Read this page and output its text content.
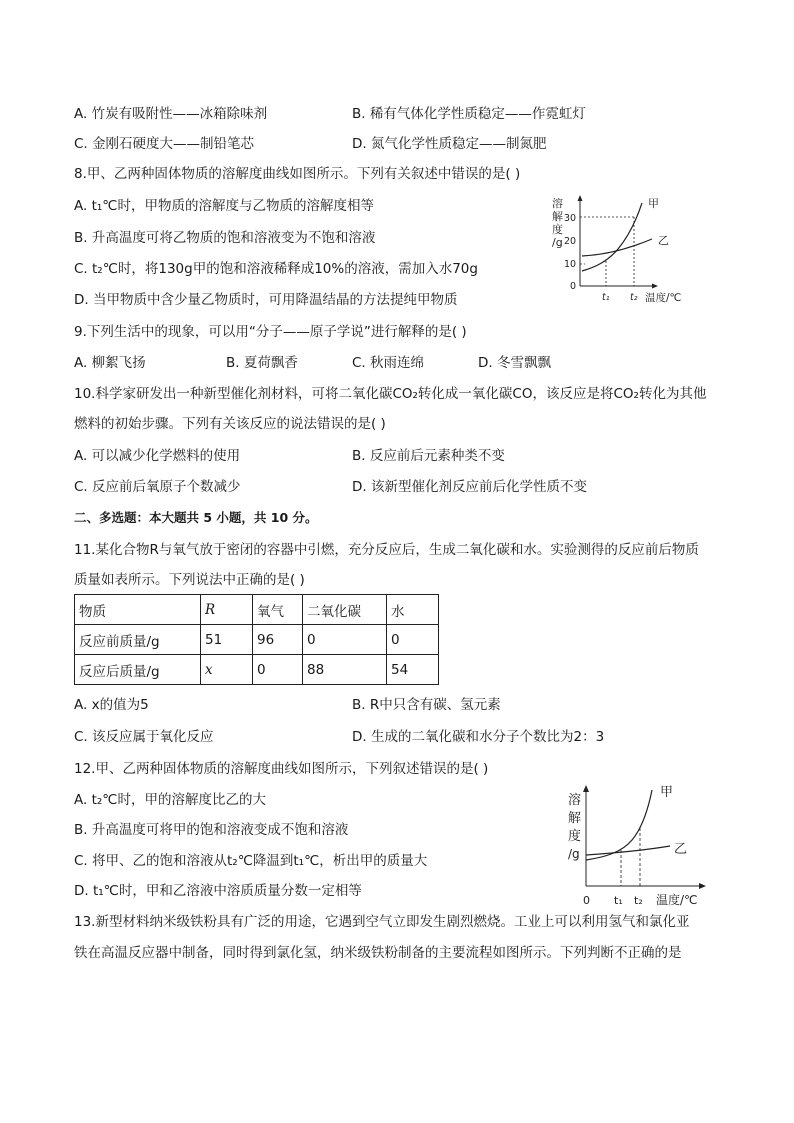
A. 竹炭有吸附性——冰箱除味剂	B. 稀有气体化学性质稳定——作霓虹灯
C. 金刚石硬度大——制铅笔芯	D. 氮气化学性质稳定——制氮肥
8.甲、乙两种固体物质的溶解度曲线如图所示。下列有关叙述中错误的是( )
A. t₁℃时，甲物质的溶解度与乙物质的溶解度相等
B. 升高温度可将乙物质的饱和溶液变为不饱和溶液
C. t₂℃时，将130g甲的饱和溶液稀释成10%的溶液，需加入水70g
D. 当甲物质中含少量乙物质时，可用降温结晶的方法提纯甲物质
溶
解
度
/g
30
20
10
0
甲
乙
t₁ t₂ 温度/℃
9.下列生活中的现象，可以用“分子——原子学说”进行解释的是( )
A. 柳絮飞扬	B. 夏荷飘香	C. 秋雨连绵	D. 冬雪飘飘
10.科学家研发出一种新型催化剂材料，可将二氧化碳CO₂转化成一氧化碳CO，该反应是将CO₂转化为其他
燃料的初始步骤。下列有关该反应的说法错误的是( )
A. 可以减少化学燃料的使用	B. 反应前后元素种类不变
C. 反应前后氧原子个数减少	D. 该新型催化剂反应前后化学性质不变
二、多选题：本大题共 5 小题，共 10 分。
11.某化合物R与氧气放于密闭的容器中引燃，充分反应后，生成二氧化碳和水。实验测得的反应前后物质
质量如表所示。下列说法中正确的是( )
物质	R	氧气	二氧化碳	水
反应前质量/g	51	96	0	0
反应后质量/g	x	0	88	54
A. x的值为5	B. R中只含有碳、氢元素
C. 该反应属于氧化反应	D. 生成的二氧化碳和水分子个数比为2：3
12.甲、乙两种固体物质的溶解度曲线如图所示，下列叙述错误的是( )
A. t₂℃时，甲的溶解度比乙的大
B. 升高温度可将甲的饱和溶液变成不饱和溶液
C. 将甲、乙的饱和溶液从t₂℃降温到t₁℃，析出甲的质量大
D. t₁℃时，甲和乙溶液中溶质质量分数一定相等
溶
解
度
/g
甲
乙
0 t₁ t₂ 温度/℃
13.新型材料纳米级铁粉具有广泛的用途，它遇到空气立即发生剧烈燃烧。工业上可以利用氢气和氯化亚
铁在高温反应器中制备，同时得到氯化氢，纳米级铁粉制备的主要流程如图所示。下列判断不正确的是
